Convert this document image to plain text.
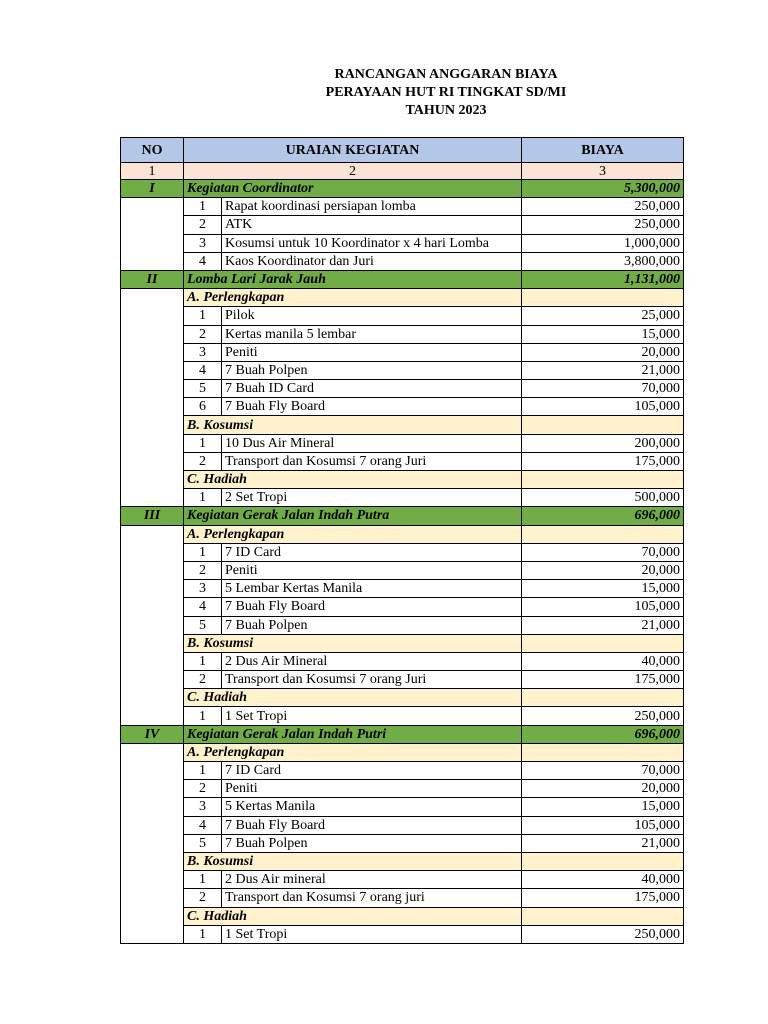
RANCANGAN ANGGARAN BIAYA
PERAYAAN HUT RI TINGKAT SD/MI
TAHUN 2023
NO	URAIAN KEGIATAN		BIAYA
1	2		3
I	Kegiatan Coordinator		5,300,000
	1	Rapat koordinasi persiapan lomba	250,000
	2	ATK	250,000
	3	Kosumsi untuk 10 Koordinator x 4 hari Lomba	1,000,000
	4	Kaos Koordinator dan Juri	3,800,000
II	Lomba Lari Jarak Jauh		1,131,000
	A. Perlengkapan		
	1	Pilok	25,000
	2	Kertas manila 5 lembar	15,000
	3	Peniti	20,000
	4	7 Buah Polpen	21,000
	5	7 Buah ID Card	70,000
	6	7 Buah Fly Board	105,000
	B. Kosumsi		
	1	10 Dus Air Mineral	200,000
	2	Transport dan Kosumsi 7 orang Juri	175,000
	C. Hadiah		
	1	2 Set Tropi	500,000
III	Kegiatan Gerak Jalan Indah Putra		696,000
	A. Perlengkapan		
	1	7 ID Card	70,000
	2	Peniti	20,000
	3	5 Lembar Kertas Manila	15,000
	4	7 Buah Fly Board	105,000
	5	7 Buah Polpen	21,000
	B. Kosumsi		
	1	2 Dus Air Mineral	40,000
	2	Transport dan Kosumsi 7 orang Juri	175,000
	C. Hadiah		
	1	1 Set Tropi	250,000
IV	Kegiatan Gerak Jalan Indah Putri		696,000
	A. Perlengkapan		
	1	7 ID Card	70,000
	2	Peniti	20,000
	3	5 Kertas Manila	15,000
	4	7 Buah Fly Board	105,000
	5	7 Buah Polpen	21,000
	B. Kosumsi		
	1	2 Dus Air mineral	40,000
	2	Transport dan Kosumsi 7 orang juri	175,000
	C. Hadiah		
	1	1 Set Tropi	250,000
